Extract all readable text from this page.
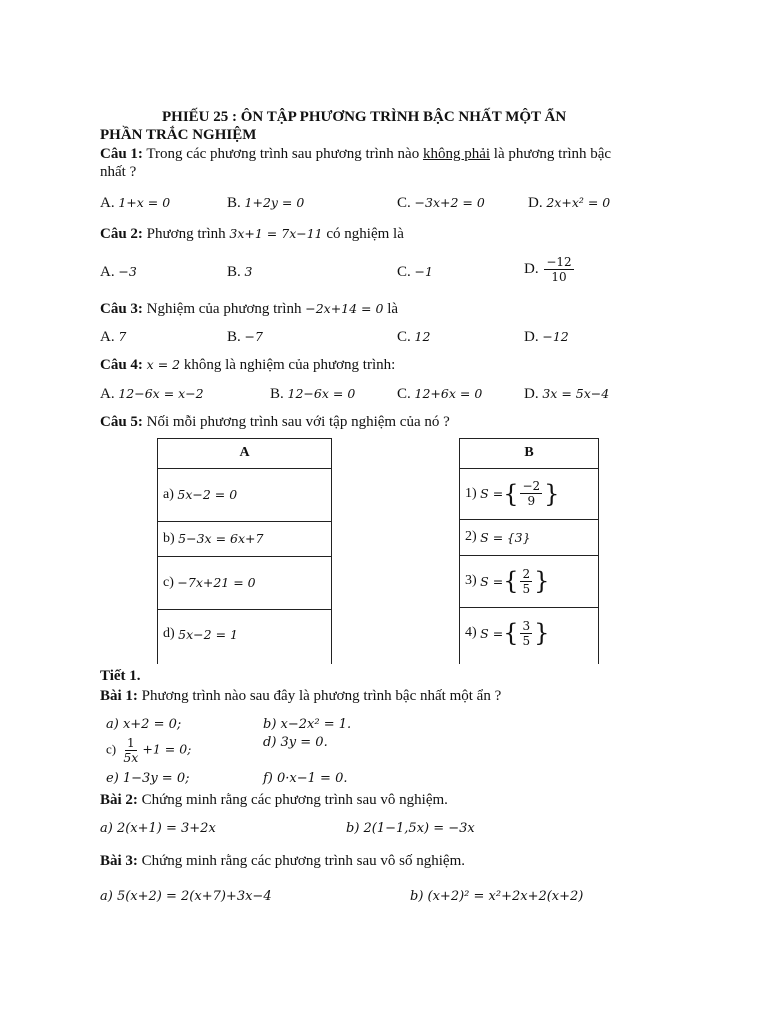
PHIẾU 25 : ÔN TẬP PHƯƠNG TRÌNH BẬC NHẤT MỘT ẨN
PHẦN TRẮC NGHIỆM
Câu 1: Trong các phương trình sau phương trình nào không phải là phương trình bậc
nhất ?
A. 1+x = 0	B. 1+2y = 0	C. −3x+2 = 0	D. 2x+x² = 0
Câu 2: Phương trình 3x+1 = 7x−11 có nghiệm là
A. −3	B. 3	C. −1	D. $\frac{-12}{10}$
Câu 3: Nghiệm của phương trình −2x+14 = 0 là
A. 7	B. −7	C. 12	D. −12
Câu 4: x = 2 không là nghiệm của phương trình:
A. 12−6x = x−2	B. 12−6x = 0	C. 12+6x = 0	D. 3x = 5x−4
Câu 5: Nối mỗi phương trình sau với tập nghiệm của nó ?
A
a)
5x−2 = 0
b)
5−3x = 6x+7
c)
−7x+21 = 0
d)
5x−2 = 1
B
1)
S = { $\frac{-2}{9}$ }
2)
S =
{ 3 }
3)
S = { $\frac{2}{5}$ }
4)
S = { $\frac{3}{5}$ }
Tiết 1.
Bài 1: Phương trình nào sau đây là phương trình bậc nhất một ẩn ?
a) x+2 = 0;	b) x−2x² = 1.
$c) \frac{1}{5x} +1 = 0$;	d) 3y = 0.
e) 1−3y = 0;	f) 0·x−1 = 0.
Bài 2: Chứng minh rằng các phương trình sau vô nghiệm.
a) 2(x+1) = 3+2x	b) 2(1−1,5x) = −3x
Bài 3: Chứng minh rằng các phương trình sau vô số nghiệm.
a) 5(x+2) = 2(x+7)+3x−4	b) (x+2)² = x²+2x+2(x+2)
